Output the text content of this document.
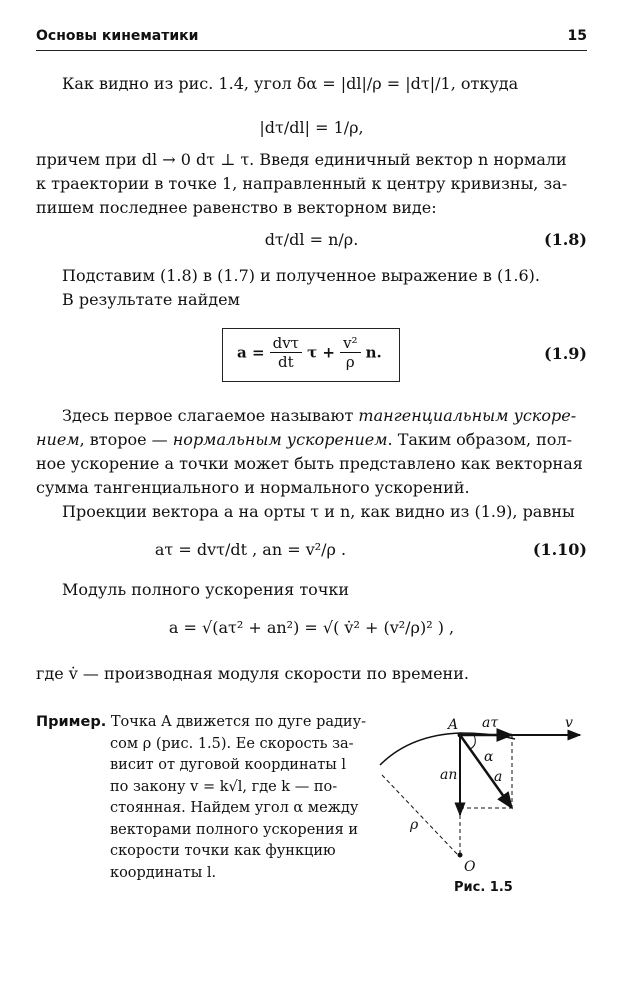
Основы кинематики	15
Как видно из рис. 1.4, угол δα = |dl|/ρ = |dτ|/1, откуда
|dτ/dl| = 1/ρ,
причем при dl → 0 dτ ⊥ τ. Введя единичный вектор n нормали
к траектории в точке 1, направленный к центру кривизны, за-
пишем последнее равенство в векторном виде:
dτ/dl = n/ρ.	(1.8)
Подставим (1.8) в (1.7) и полученное выражение в (1.6).
В результате найдем
$a = \frac{\text{dvτ}}{dt}$ $\tau + \frac{\text{v²}}{\rho} n$.	(1.9)
Здесь первое слагаемое называют тангенциальным ускоре-
нием, второе — нормальным ускорением. Таким образом, пол-
ное ускорение a точки может быть представлено как векторная
сумма тангенциального и нормального ускорений.
Проекции вектора a на орты τ и n, как видно из (1.9), равны
aτ = dvτ/dt , an = v²/ρ .	(1.10)
Модуль полного ускорения точки
a = √(aτ² + an²) = √( v̇² + (v²/ρ)² ) ,
где v̇ — производная модуля скорости по времени.
Пример. Точка A движется по дуге радиу-
сом ρ (рис. 1.5). Ее скорость за-
висит от дуговой координаты l
по закону v = k√l, где k — по-
стоянная. Найдем угол α между
векторами полного ускорения и
скорости точки как функцию
координаты l.
A aτ	v
α
an	a
ρ
O
Рис. 1.5
